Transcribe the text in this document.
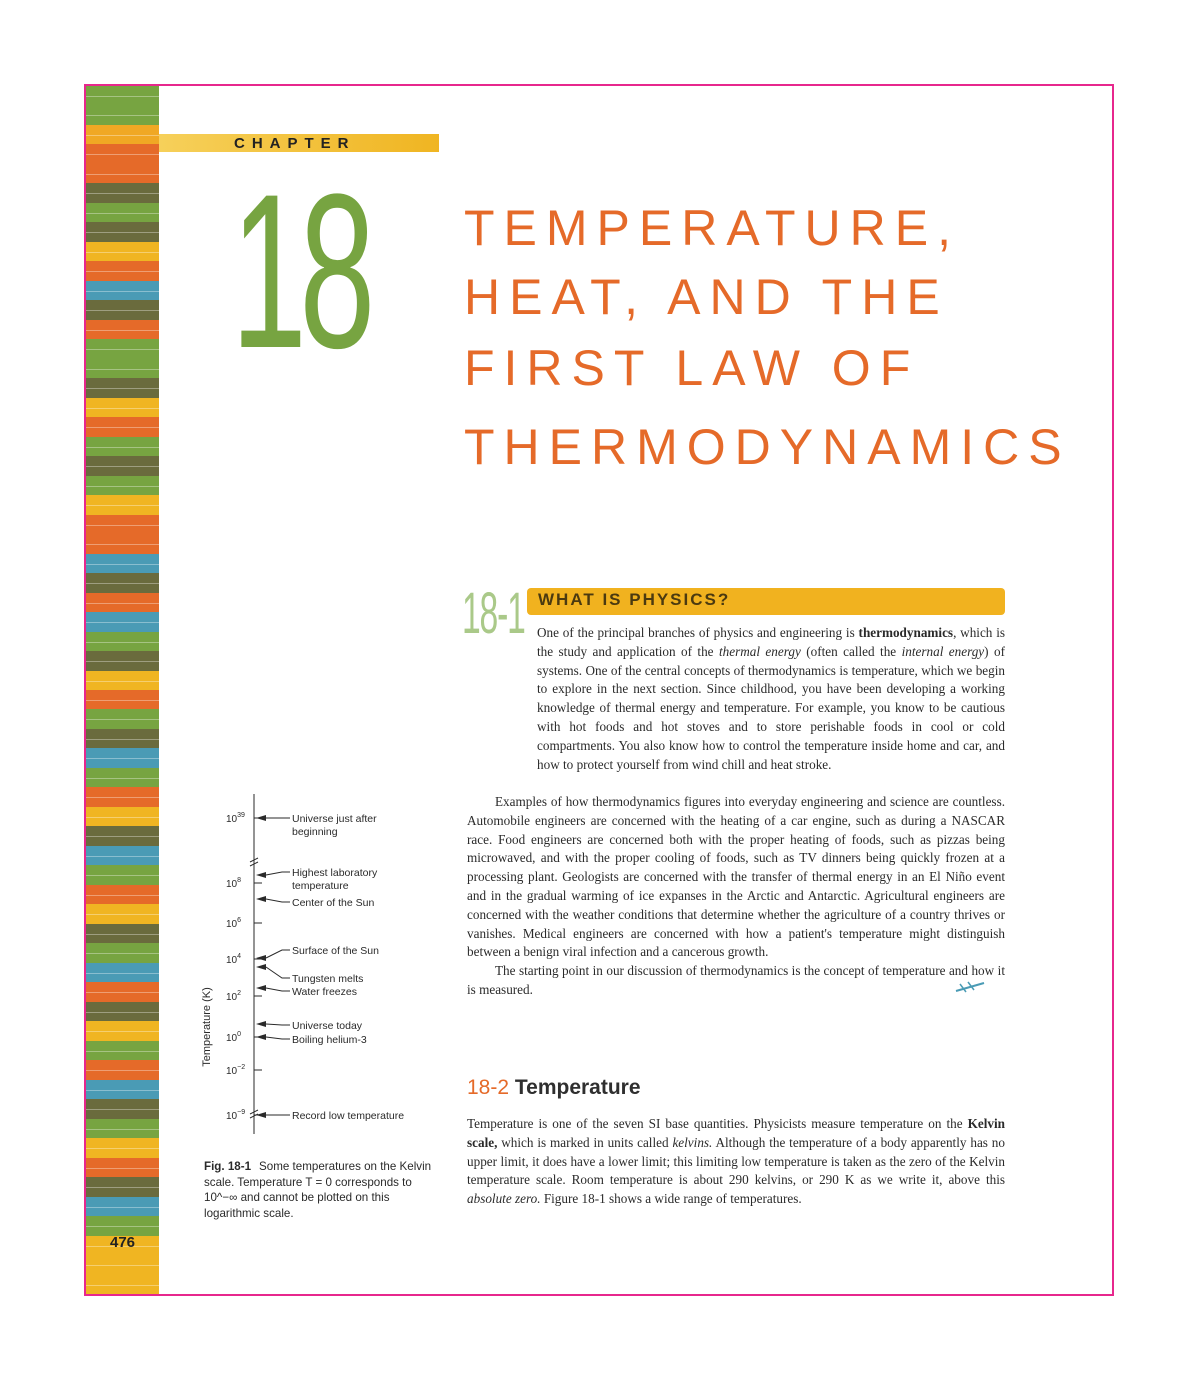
476
CHAPTER
18 TEMPERATURE,
HEAT, AND THE
FIRST LAW OF
THERMODYNAMICS
18-1 WHAT IS PHYSICS?
One of the principal branches of physics and engineering is thermodynamics, which is the study and application of the thermal energy (often called the internal energy) of systems. One of the central concepts of thermodynamics is temperature, which we begin to explore in the next section. Since childhood, you have been developing a working knowledge of thermal energy and temperature. For example, you know to be cautious with hot foods and hot stoves and to store perishable foods in cool or cold compartments. You also know how to control the temperature inside home and car, and how to protect yourself from wind chill and heat stroke.

Examples of how thermodynamics figures into everyday engineering and science are countless. Automobile engineers are concerned with the heating of a car engine, such as during a NASCAR race. Food engineers are concerned both with the proper heating of foods, such as pizzas being microwaved, and with the proper cooling of foods, such as TV dinners being quickly frozen at a processing plant. Geologists are concerned with the transfer of thermal energy in an El Niño event and in the gradual warming of ice expanses in the Arctic and Antarctic. Agricultural engineers are concerned with the weather conditions that determine whether the agriculture of a country thrives or vanishes. Medical engineers are concerned with how a patient's temperature might distinguish between a benign viral infection and a cancerous growth.

The starting point in our discussion of thermodynamics is the concept of temperature and how it is measured.

18-2 Temperature

Temperature is one of the seven SI base quantities. Physicists measure temperature on the Kelvin scale, which is marked in units called kelvins. Although the temperature of a body apparently has no upper limit, it does have a lower limit; this limiting low temperature is taken as the zero of the Kelvin temperature scale. Room temperature is about 290 kelvins, or 290 K as we write it, above this absolute zero. Figure 18-1 shows a wide range of temperatures.

Temperature (K)
$10^{39}$
$10^8$
$10^6$
$10^4$
$10^2$
$10^0$
$10^{-2}$
$10^{-9}$
Universe just after
beginning
Highest laboratory
temperature
Center of the Sun
Surface of the Sun
Tungsten melts
Water freezes
Universe today
Boiling helium-3
Record low temperature
Fig. 18-1 Some temperatures on the Kelvin scale. Temperature T = 0 corresponds to 10^−∞ and cannot be plotted on this logarithmic scale.
